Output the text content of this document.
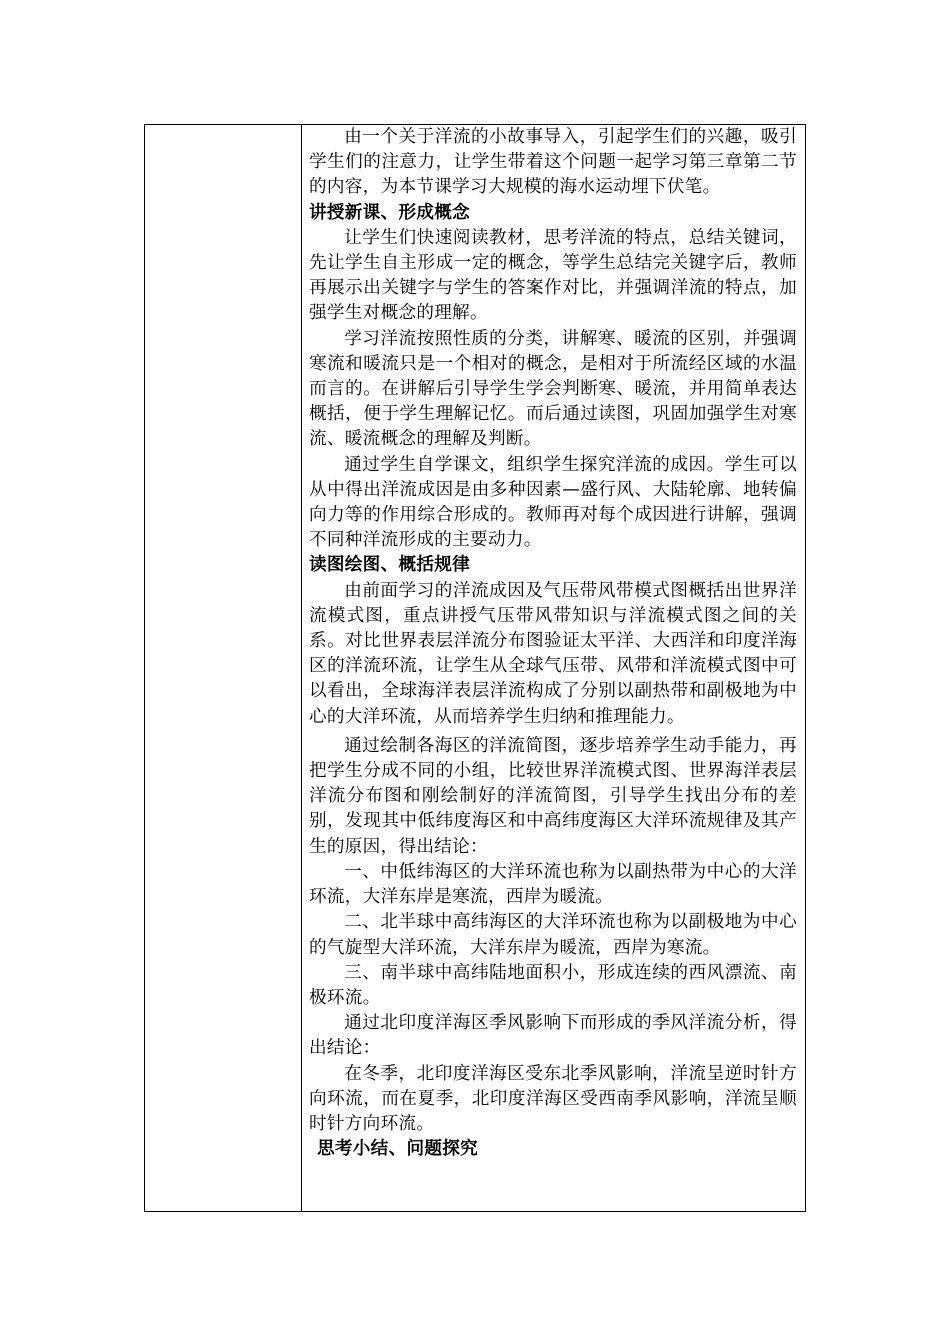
由一个关于洋流的小故事导入，引起学生们的兴趣，吸引学生们的注意力，让学生带着这个问题一起学习第三章第二节的内容，为本节课学习大规模的海水运动埋下伏笔。

讲授新课、形成概念

让学生们快速阅读教材，思考洋流的特点，总结关键词，先让学生自主形成一定的概念，等学生总结完关键字后，教师再展示出关键字与学生的答案作对比，并强调洋流的特点，加强学生对概念的理解。

学习洋流按照性质的分类，讲解寒、暖流的区别，并强调寒流和暖流只是一个相对的概念，是相对于所流经区域的水温而言的。在讲解后引导学生学会判断寒、暖流，并用简单表达概括，便于学生理解记忆。而后通过读图，巩固加强学生对寒流、暖流概念的理解及判断。

通过学生自学课文，组织学生探究洋流的成因。学生可以从中得出洋流成因是由多种因素—盛行风、大陆轮廓、地转偏向力等的作用综合形成的。教师再对每个成因进行讲解，强调不同种洋流形成的主要动力。

读图绘图、概括规律

由前面学习的洋流成因及气压带风带模式图概括出世界洋流模式图，重点讲授气压带风带知识与洋流模式图之间的关系。对比世界表层洋流分布图验证太平洋、大西洋和印度洋海区的洋流环流，让学生从全球气压带、风带和洋流模式图中可以看出，全球海洋表层洋流构成了分别以副热带和副极地为中心的大洋环流，从而培养学生归纳和推理能力。

通过绘制各海区的洋流简图，逐步培养学生动手能力，再把学生分成不同的小组，比较世界洋流模式图、世界海洋表层洋流分布图和刚绘制好的洋流简图，引导学生找出分布的差别，发现其中低纬度海区和中高纬度海区大洋环流规律及其产生的原因，得出结论：

一、中低纬海区的大洋环流也称为以副热带为中心的大洋环流，大洋东岸是寒流，西岸为暖流。

二、北半球中高纬海区的大洋环流也称为以副极地为中心的气旋型大洋环流，大洋东岸为暖流，西岸为寒流。

三、南半球中高纬陆地面积小，形成连续的西风漂流、南极环流。

通过北印度洋海区季风影响下而形成的季风洋流分析，得出结论：

在冬季，北印度洋海区受东北季风影响，洋流呈逆时针方向环流，而在夏季，北印度洋海区受西南季风影响，洋流呈顺时针方向环流。

思考小结、问题探究
